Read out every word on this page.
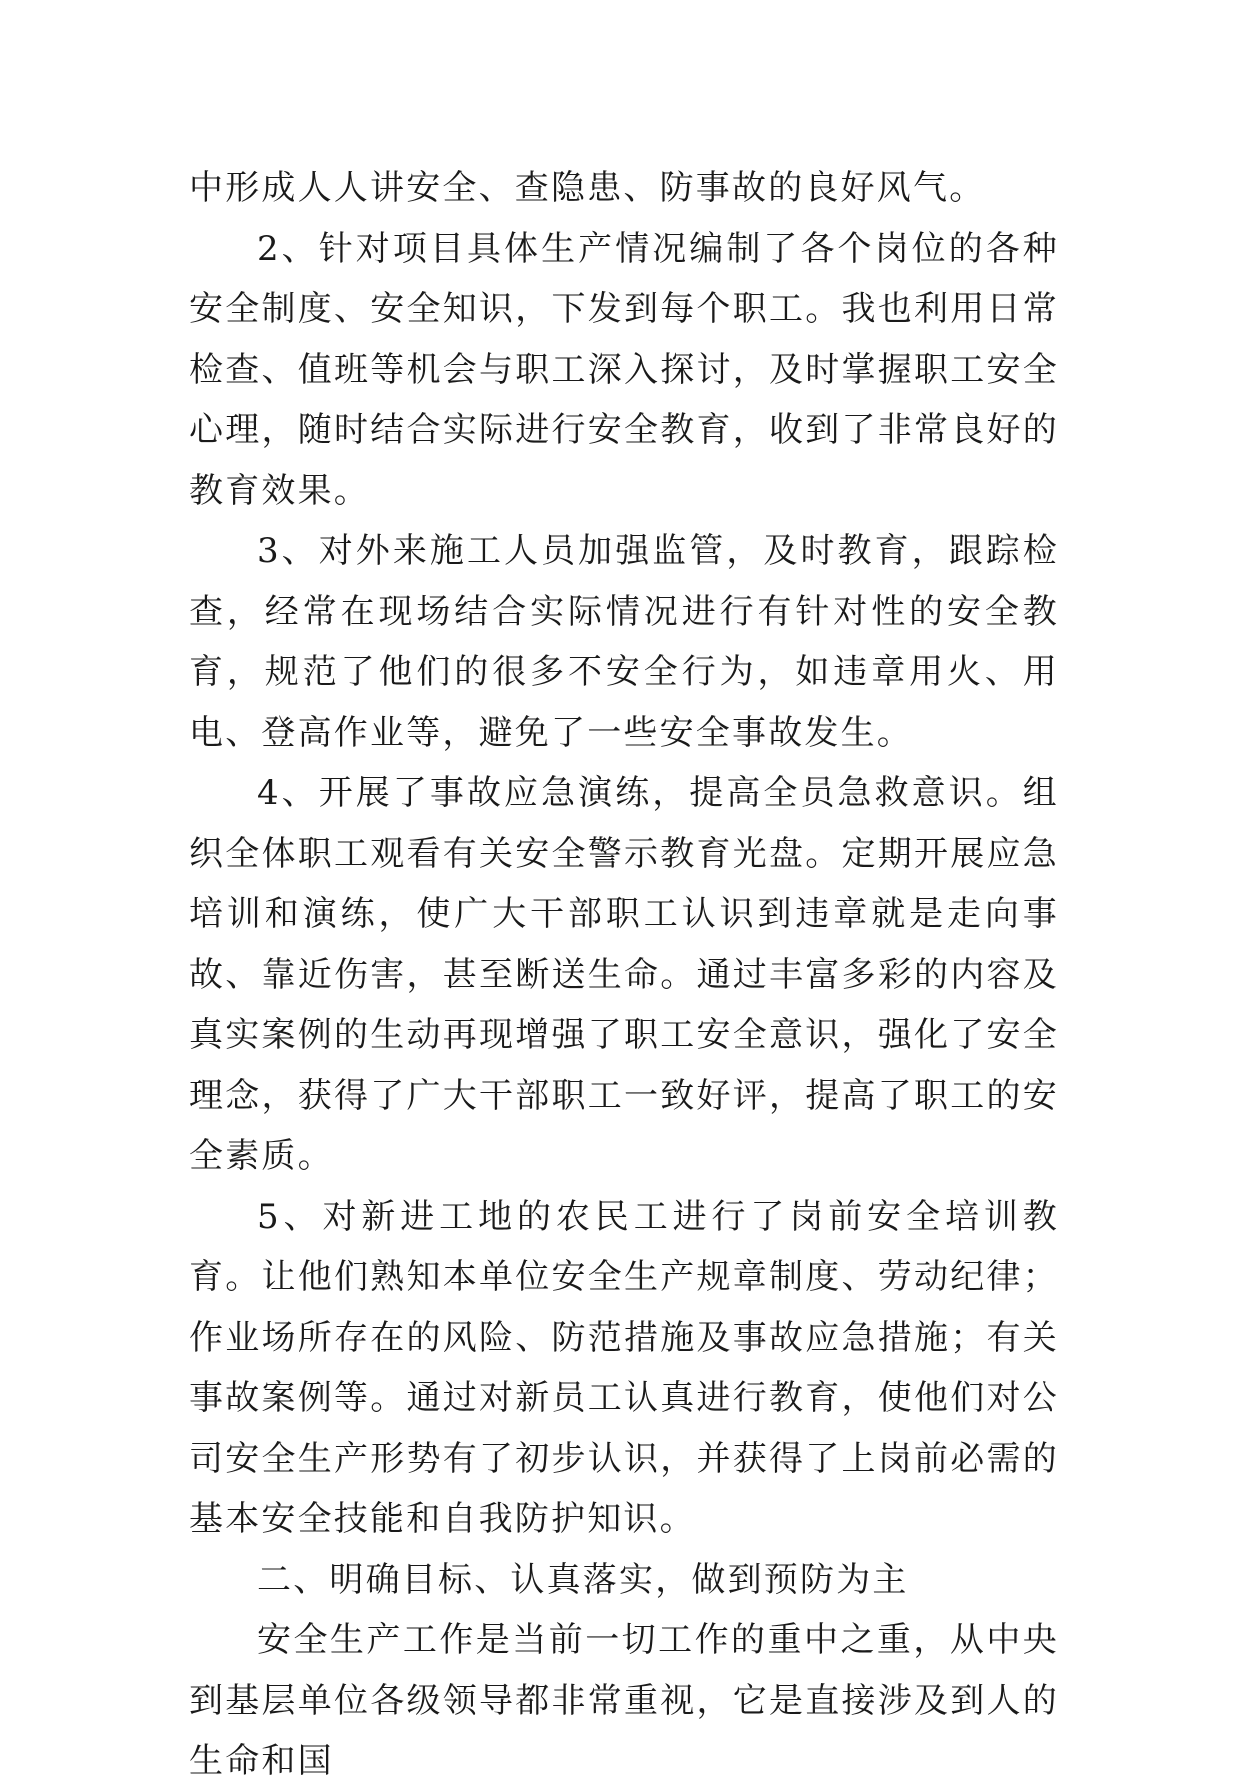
中形成人人讲安全、查隐患、防事故的良好风气。

2、针对项目具体生产情况编制了各个岗位的各种安全制度、安全知识，下发到每个职工。我也利用日常检查、值班等机会与职工深入探讨，及时掌握职工安全心理，随时结合实际进行安全教育，收到了非常良好的教育效果。

3、对外来施工人员加强监管，及时教育，跟踪检查，经常在现场结合实际情况进行有针对性的安全教育，规范了他们的很多不安全行为，如违章用火、用电、登高作业等，避免了一些安全事故发生。

4、开展了事故应急演练，提高全员急救意识。组织全体职工观看有关安全警示教育光盘。定期开展应急培训和演练，使广大干部职工认识到违章就是走向事故、靠近伤害，甚至断送生命。通过丰富多彩的内容及真实案例的生动再现增强了职工安全意识，强化了安全理念，获得了广大干部职工一致好评，提高了职工的安全素质。

5、对新进工地的农民工进行了岗前安全培训教育。让他们熟知本单位安全生产规章制度、劳动纪律；作业场所存在的风险、防范措施及事故应急措施；有关事故案例等。通过对新员工认真进行教育，使他们对公司安全生产形势有了初步认识，并获得了上岗前必需的基本安全技能和自我防护知识。

二、明确目标、认真落实，做到预防为主

安全生产工作是当前一切工作的重中之重，从中央到基层单位各级领导都非常重视，它是直接涉及到人的生命和国
